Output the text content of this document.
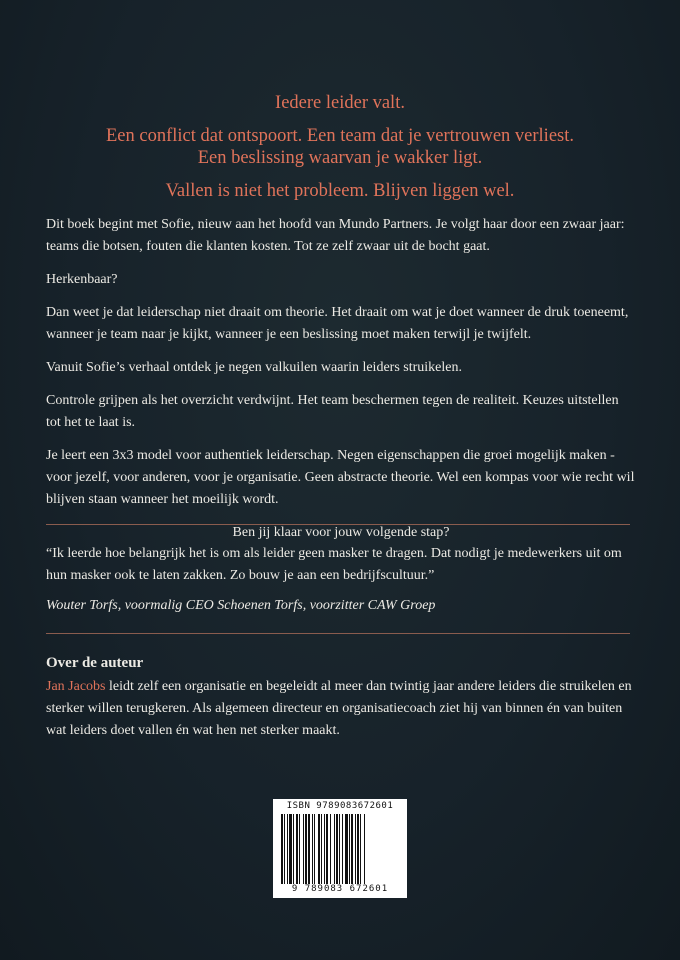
Iedere leider valt.

Een conflict dat ontspoort. Een team dat je vertrouwen verliest.

Een beslissing waarvan je wakker ligt.

Vallen is niet het probleem. Blijven liggen wel.

Dit boek begint met Sofie, nieuw aan het hoofd van Mundo Partners. Je volgt haar door een zwaar jaar: teams die botsen, fouten die klanten kosten. Tot ze zelf zwaar uit de bocht gaat.

Herkenbaar?

Dan weet je dat leiderschap niet draait om theorie. Het draait om wat je doet wanneer de druk toeneemt, wanneer je team naar je kijkt, wanneer je een beslissing moet maken terwijl je twijfelt.

Vanuit Sofie’s verhaal ontdek je negen valkuilen waarin leiders struikelen.

Controle grijpen als het overzicht verdwijnt. Het team beschermen tegen de realiteit. Keuzes uitstellen tot het te laat is.

Je leert een 3x3 model voor authentiek leiderschap. Negen eigenschappen die groei mogelijk maken - voor jezelf, voor anderen, voor je organisatie. Geen abstracte theorie. Wel een kompas voor wie recht wil blijven staan wanneer het moeilijk wordt.

Ben jij klaar voor jouw volgende stap?

“Ik leerde hoe belangrijk het is om als leider geen masker te dragen. Dat nodigt je medewerkers uit om hun masker ook te laten zakken. Zo bouw je aan een bedrijfscultuur.”

Wouter Torfs, voormalig CEO Schoenen Torfs, voorzitter CAW Groep

Over de auteur

Jan Jacobs leidt zelf een organisatie en begeleidt al meer dan twintig jaar andere leiders die struikelen en sterker willen terugkeren. Als algemeen directeur en organisatiecoach ziet hij van binnen én van buiten wat leiders doet vallen én wat hen net sterker maakt.

ISBN 9789083672601
9 789083 672601
